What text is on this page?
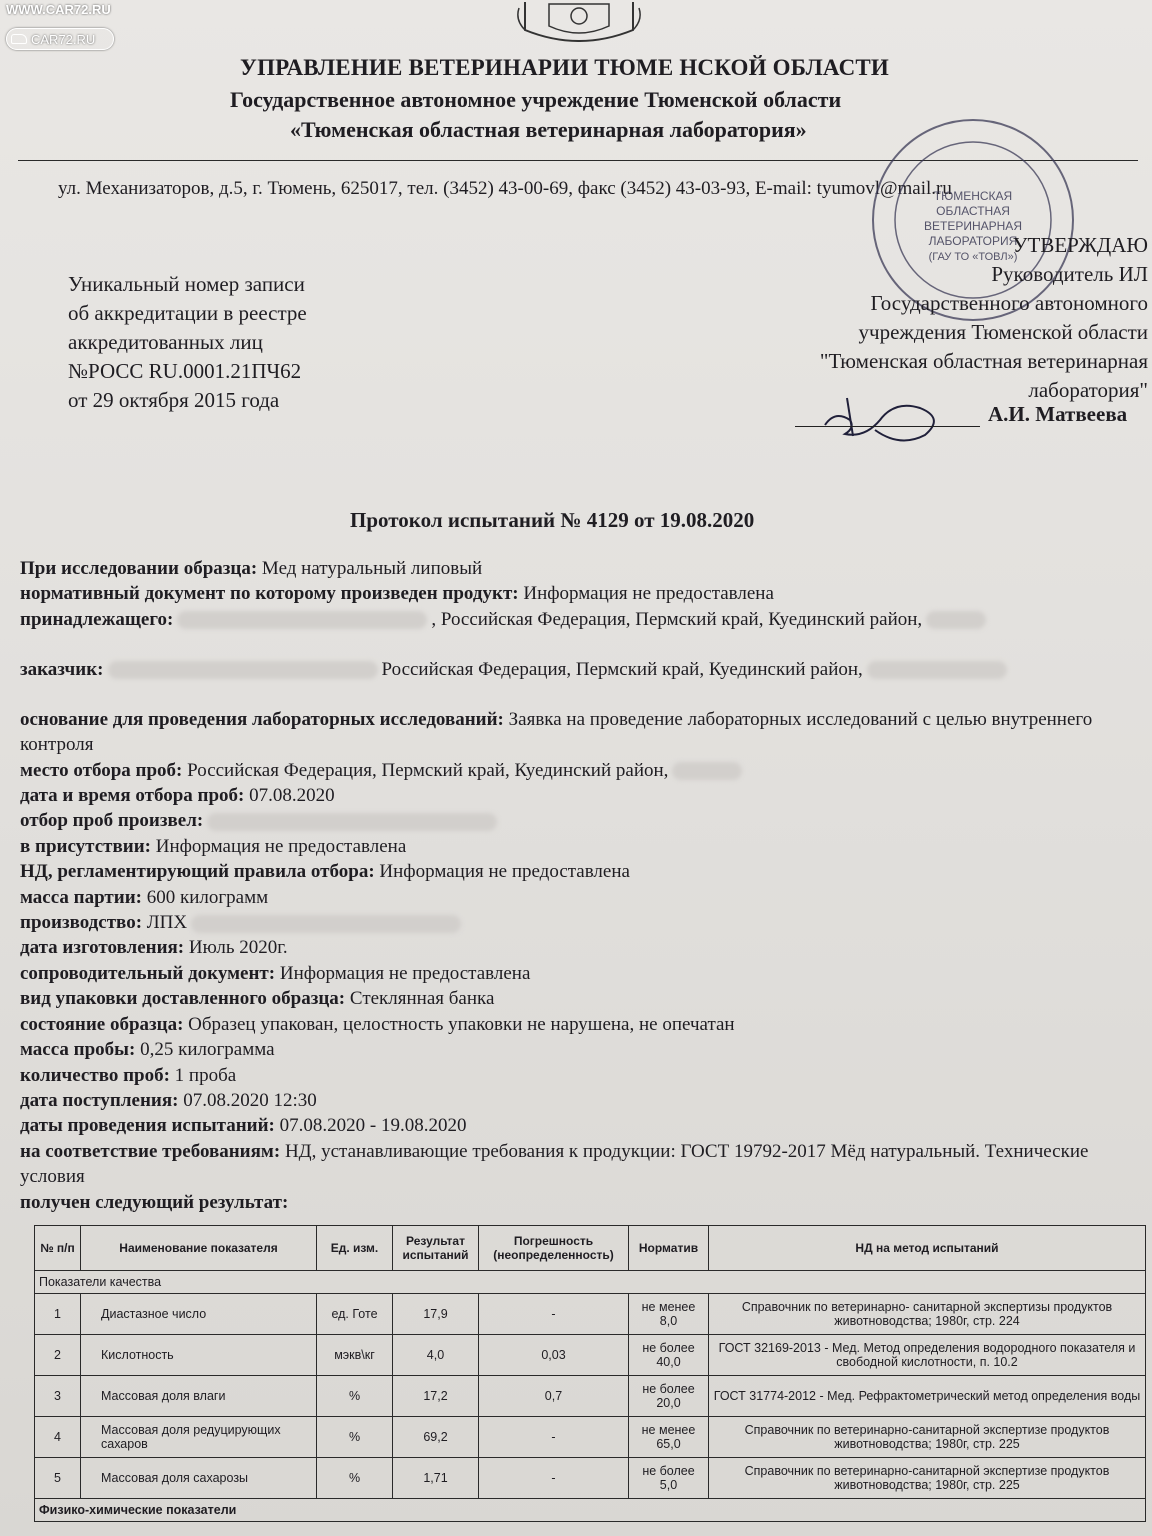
WWW.CAR72.RU
CAR72.RU
УПРАВЛЕНИЕ ВЕТЕРИНАРИИ ТЮМЕ НСКОЙ ОБЛАСТИ
Государственное автономное учреждение Тюменской области
«Тюменская областная ветеринарная лаборатория»
ул. Механизаторов, д.5, г. Тюмень, 625017, тел. (3452) 43-00-69, факс (3452) 43-03-93, E-mail: tyumovl@mail.ru
Уникальный номер записи
об аккредитации в реестре
аккредитованных лиц
№РОСС RU.0001.21ПЧ62
от 29 октября 2015 года
ТЮМЕНСКАЯ
ОБЛАСТНАЯ
ВЕТЕРИНАРНАЯ
ЛАБОРАТОРИЯ
(ГАУ ТО «ТОВЛ»)
УТВЕРЖДАЮ
Руководитель ИЛ
Государственного автономного
учреждения Тюменской области
"Тюменская областная ветеринарная
лаборатория"
А.И. Матвеева
Протокол испытаний № 4129 от 19.08.2020
При исследовании образца: Мед натуральный липовый
нормативный документ по которому произведен продукт: Информация не предоставлена
принадлежащего:	, Российская Федерация, Пермский край, Куединский район,
заказчик:	Российская Федерация, Пермский край, Куединский район,
основание для проведения лабораторных исследований: Заявка на проведение лабораторных исследований с целью внутреннего контроля
место отбора проб: Российская Федерация, Пермский край, Куединский район,
дата и время отбора проб: 07.08.2020
отбор проб произвел:
в присутствии: Информация не предоставлена
НД, регламентирующий правила отбора: Информация не предоставлена
масса партии: 600 килограмм
производство: ЛПХ
дата изготовления: Июль 2020г.
сопроводительный документ: Информация не предоставлена
вид упаковки доставленного образца: Стеклянная банка
состояние образца: Образец упакован, целостность упаковки не нарушена, не опечатан
масса пробы: 0,25 килограмма
количество проб: 1 проба
дата поступления: 07.08.2020 12:30
даты проведения испытаний: 07.08.2020 - 19.08.2020
на соответствие требованиям: НД, устанавливающие требования к продукции: ГОСТ 19792-2017 Мёд натуральный. Технические условия
получен следующий результат:
№ п/п	Наименование показателя	Ед. изм.	Результат испытаний	Погрешность (неопределенность)	Норматив	НД на метод испытаний
Показатели качества						
1	Диастазное число	ед. Готе	17,9	-	не менее 8,0	Справочник по ветеринарно- санитарной экспертизы продуктов животноводства; 1980г, стр. 224
2	Кислотность	мэкв\кг	4,0	0,03	не более 40,0	ГОСТ 32169-2013 - Мед. Метод определения водородного показателя и свободной кислотности, п. 10.2
3	Массовая доля влаги	%	17,2	0,7	не более 20,0	ГОСТ 31774-2012 - Мед. Рефрактометрический метод определения воды
4	Массовая доля редуцирующих сахаров	%	69,2	-	не менее 65,0	Справочник по ветеринарно-санитарной экспертизе продуктов животноводства; 1980г, стр. 225
5	Массовая доля сахарозы	%	1,71	-	не более 5,0	Справочник по ветеринарно-санитарной экспертизе продуктов животноводства; 1980г, стр. 225
Физико-химические показатели						
